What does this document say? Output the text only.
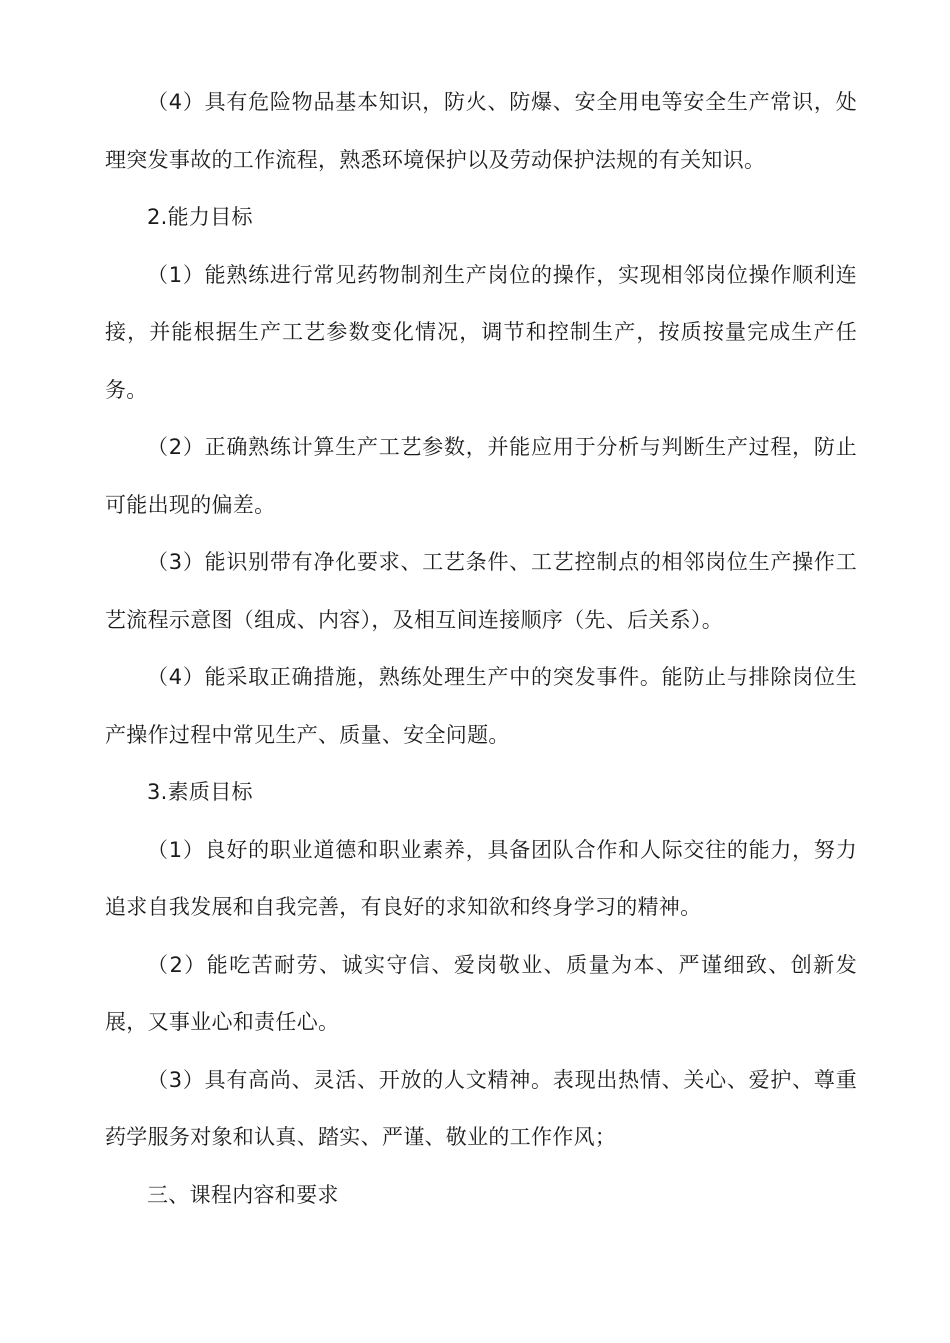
（4）具有危险物品基本知识，防火、防爆、安全用电等安全生产常识，处理突发事故的工作流程，熟悉环境保护以及劳动保护法规的有关知识。

2.能力目标

（1）能熟练进行常见药物制剂生产岗位的操作，实现相邻岗位操作顺利连接，并能根据生产工艺参数变化情况，调节和控制生产，按质按量完成生产任务。

（2）正确熟练计算生产工艺参数，并能应用于分析与判断生产过程，防止可能出现的偏差。

（3）能识别带有净化要求、工艺条件、工艺控制点的相邻岗位生产操作工艺流程示意图（组成、内容），及相互间连接顺序（先、后关系）。

（4）能采取正确措施，熟练处理生产中的突发事件。能防止与排除岗位生产操作过程中常见生产、质量、安全问题。

3.素质目标

（1）良好的职业道德和职业素养，具备团队合作和人际交往的能力，努力追求自我发展和自我完善，有良好的求知欲和终身学习的精神。

（2）能吃苦耐劳、诚实守信、爱岗敬业、质量为本、严谨细致、创新发展，又事业心和责任心。

（3）具有高尚、灵活、开放的人文精神。表现出热情、关心、爱护、尊重药学服务对象和认真、踏实、严谨、敬业的工作作风；

三、课程内容和要求
